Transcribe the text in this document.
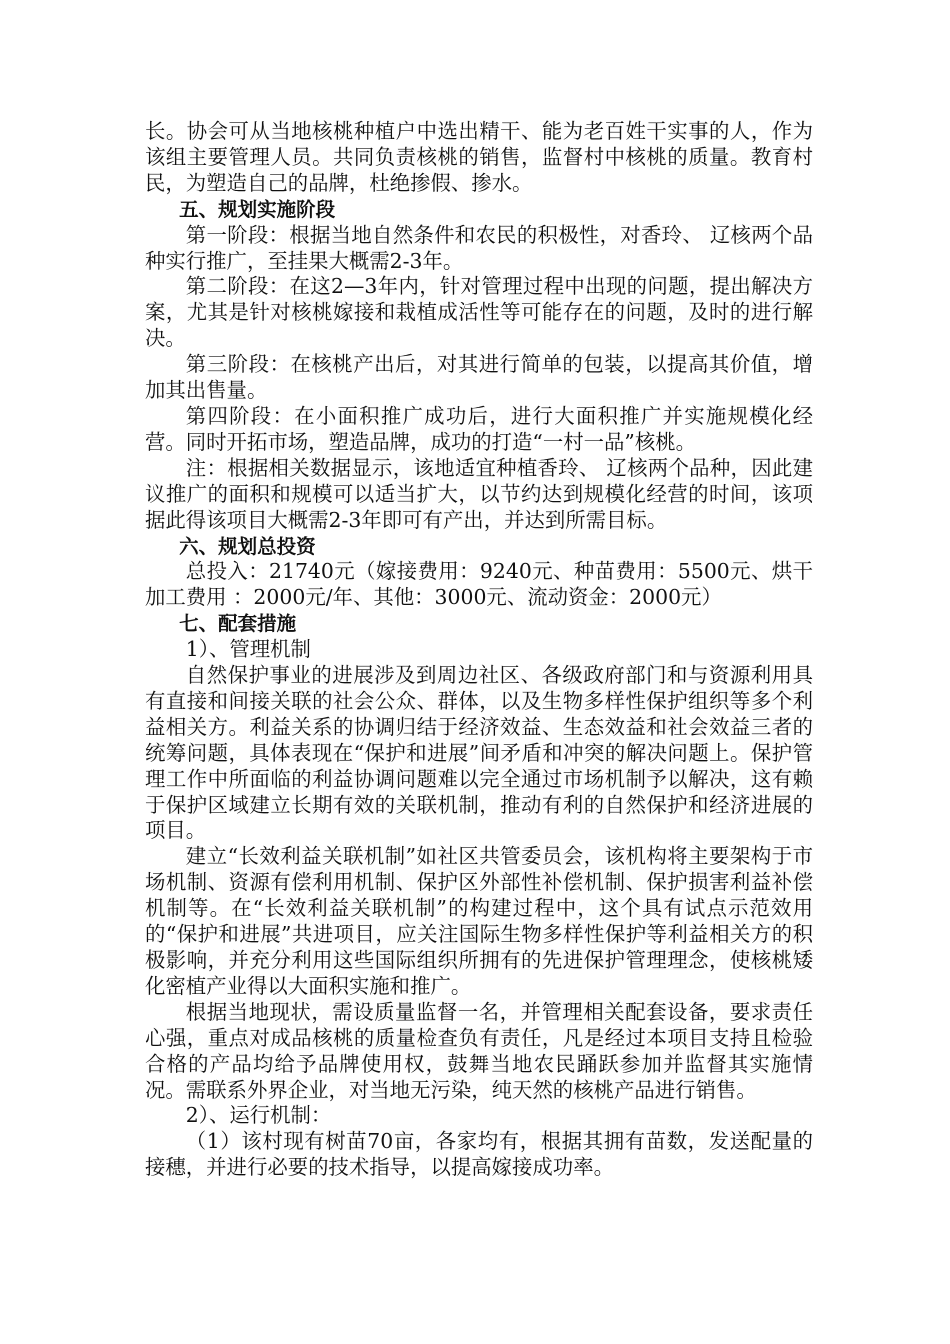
长。协会可从当地核桃种植户中选出精干、能为老百姓干实事的人，作为该组主要管理人员。共同负责核桃的销售，监督村中核桃的质量。教育村民，为塑造自己的品牌，杜绝掺假、掺水。

五、规划实施阶段

第一阶段：根据当地自然条件和农民的积极性，对香玲、 辽核两个品种实行推广，至挂果大概需2-3年。

第二阶段：在这2—3年内，针对管理过程中出现的问题，提出解决方案，尤其是针对核桃嫁接和栽植成活性等可能存在的问题，及时的进行解决。

第三阶段：在核桃产出后，对其进行简单的包装，以提高其价值，增加其出售量。

第四阶段：在小面积推广成功后，进行大面积推广并实施规模化经营。同时开拓市场，塑造品牌，成功的打造“一村一品”核桃。

注：根据相关数据显示，该地适宜种植香玲、 辽核两个品种，因此建议推广的面积和规模可以适当扩大，以节约达到规模化经营的时间，该项据此得该项目大概需2-3年即可有产出，并达到所需目标。

六、规划总投资

总投入：21740元（嫁接费用：9240元、种苗费用：5500元、烘干加工费用 ：2000元/年、其他：3000元、流动资金：2000元）

七、配套措施

1）、管理机制

自然保护事业的进展涉及到周边社区、各级政府部门和与资源利用具有直接和间接关联的社会公众、群体，以及生物多样性保护组织等多个利益相关方。利益关系的协调归结于经济效益、生态效益和社会效益三者的统筹问题，具体表现在“保护和进展”间矛盾和冲突的解决问题上。保护管理工作中所面临的利益协调问题难以完全通过市场机制予以解决，这有赖于保护区域建立长期有效的关联机制，推动有利的自然保护和经济进展的项目。

建立“长效利益关联机制”如社区共管委员会，该机构将主要架构于市场机制、资源有偿利用机制、保护区外部性补偿机制、保护损害利益补偿机制等。在“长效利益关联机制”的构建过程中，这个具有试点示范效用的“保护和进展”共进项目，应关注国际生物多样性保护等利益相关方的积极影响，并充分利用这些国际组织所拥有的先进保护管理理念，使核桃矮化密植产业得以大面积实施和推广。

根据当地现状，需设质量监督一名，并管理相关配套设备，要求责任心强，重点对成品核桃的质量检查负有责任，凡是经过本项目支持且检验合格的产品均给予品牌使用权，鼓舞当地农民踊跃参加并监督其实施情况。需联系外界企业，对当地无污染，纯天然的核桃产品进行销售。

2）、运行机制：

（1）该村现有树苗70亩，各家均有，根据其拥有苗数，发送配量的接穗，并进行必要的技术指导，以提高嫁接成功率。
